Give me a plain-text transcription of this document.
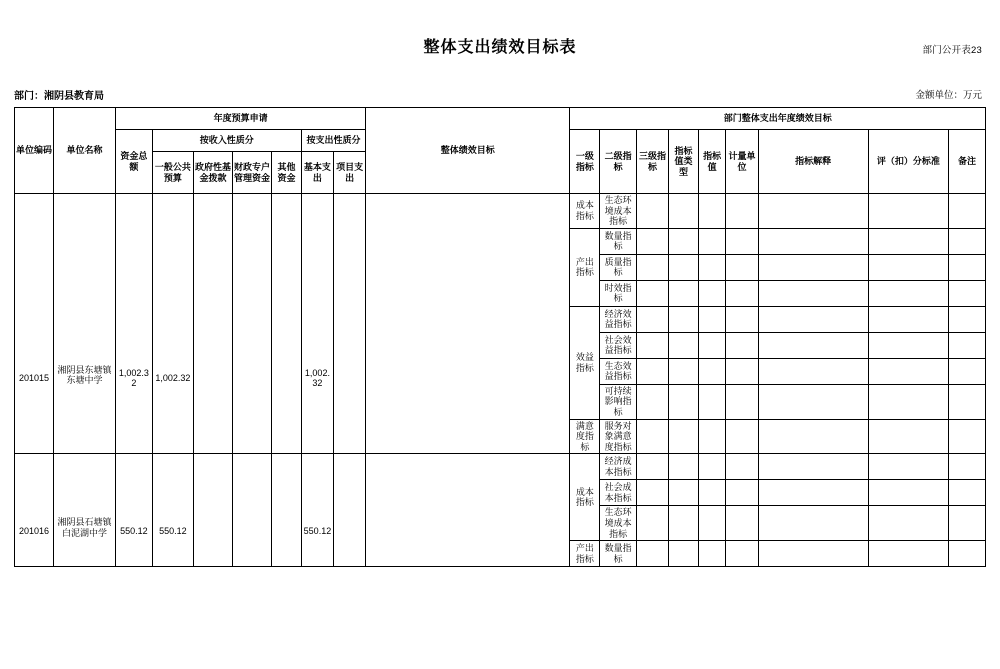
部门公开表23
整体支出绩效目标表
部门：湘阴县教育局	金额单位：万元
单位编码	单位名称	年度预算申请							整体绩效目标	部门整体支出年度绩效目标								
		资金总额	按收入性质分				按支出性质分			一级指标	二级指标	三级指标	指标值类型	指标值	计量单位	指标解释	评（扣）分标准	备注
			一般公共预算	政府性基金拨款	财政专户管理资金	其他资金	基本支出	项目支出										
201015	湘阴县东塘镇东塘中学	1,002.32	1,002.32				1,002.32			成本指标	生态环境成本指标							
										产出指标	数量指标							
											质量指标							
											时效指标							
										效益指标	经济效益指标							
											社会效益指标							
											生态效益指标							
											可持续影响指标							
										满意度指标	服务对象满意度指标							
201016	湘阴县石塘镇白泥湖中学	550.12	550.12				550.12			成本指标	经济成本指标							
											社会成本指标							
											生态环境成本指标							
										产出指标	数量指标							
